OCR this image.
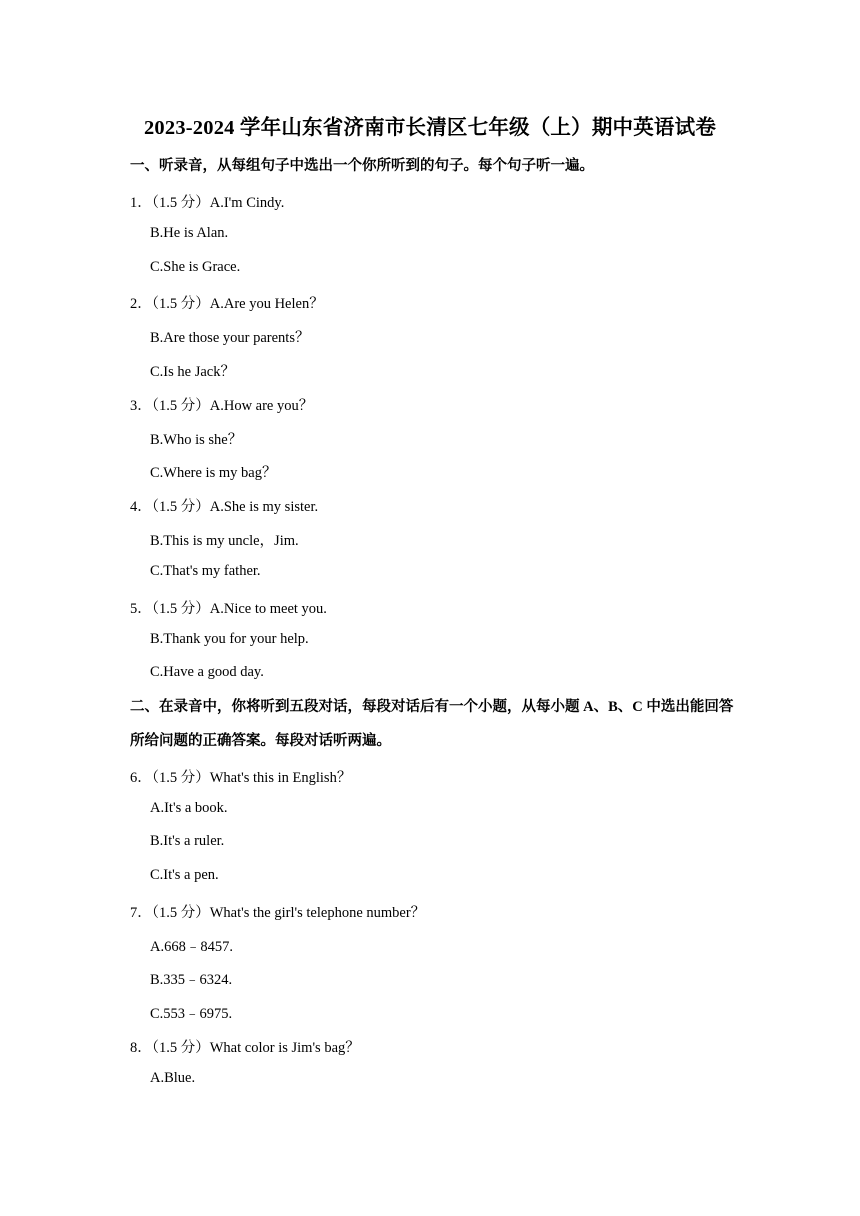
2023-2024 学年山东省济南市长清区七年级（上）期中英语试卷
一、听录音，从每组句子中选出一个你所听到的句子。每个句子听一遍。
1．（1.5 分）A.I'm Cindy.
B.He is Alan.
C.She is Grace.
2．（1.5 分）A.Are you Helen？
B.Are those your parents？
C.Is he Jack？
3．（1.5 分）A.How are you？
B.Who is she？
C.Where is my bag？
4．（1.5 分）A.She is my sister.
B.This is my uncle，Jim.
C.That's my father.
5．（1.5 分）A.Nice to meet you.
B.Thank you for your help.
C.Have a good day.
二、在录音中，你将听到五段对话，每段对话后有一个小题，从每小题 A、B、C 中选出能回答所给问题的正确答案。每段对话听两遍。
6．（1.5 分）What's this in English？
A.It's a book.
B.It's a ruler.
C.It's a pen.
7．（1.5 分）What's the girl's telephone number？
A.668﹣8457.
B.335﹣6324.
C.553﹣6975.
8．（1.5 分）What color is Jim's bag？
A.Blue.
